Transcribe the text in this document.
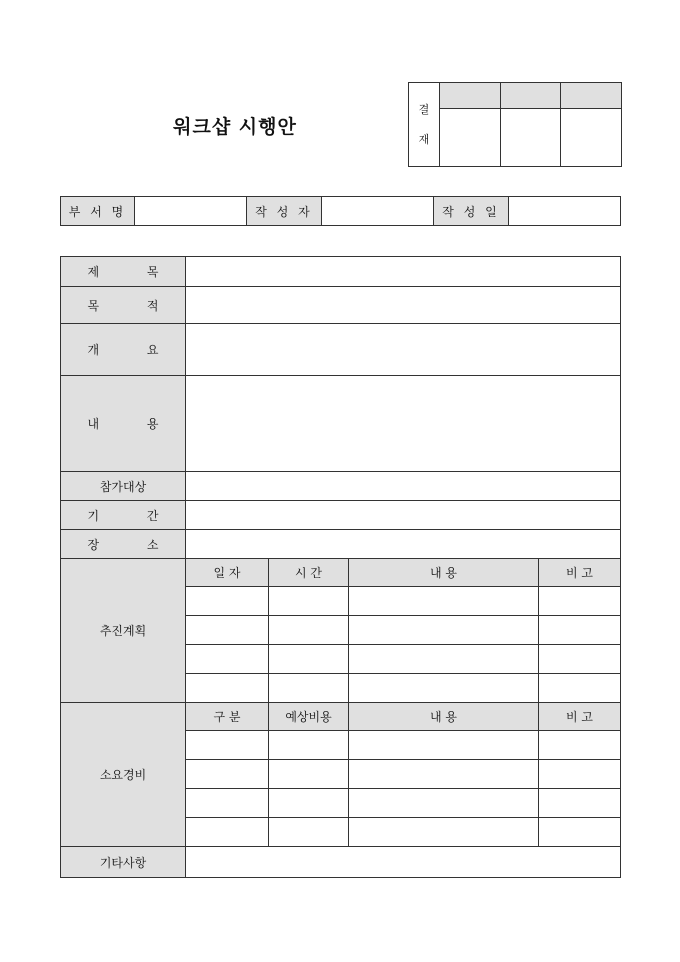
워크샵 시행안
결
재			

부 서 명		작 성 자		작 성 일	
제 목				
목 적				
개 요				
내 용				
참가대상				
기 간				
장 소				
추진계획	일 자	시 간	내 용	비 고

소요경비	구 분	예상비용	내 용	비 고

기타사항				
